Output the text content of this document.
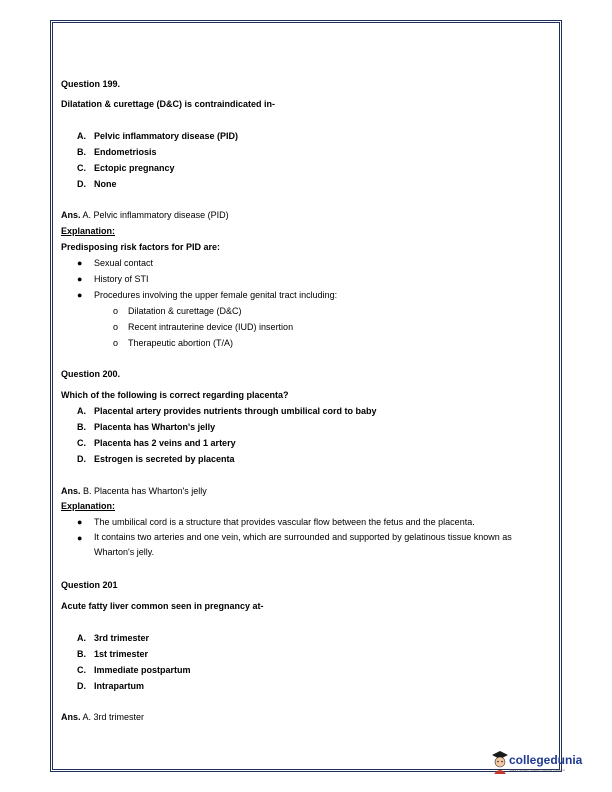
Question 199.
Dilatation & curettage (D&C) is contraindicated in-
A. Pelvic inflammatory disease (PID)
B. Endometriosis
C. Ectopic pregnancy
D. None
Ans. A. Pelvic inflammatory disease (PID)
Explanation:
Predisposing risk factors for PID are:
● Sexual contact
● History of STI
● Procedures involving the upper female genital tract including:
o Dilatation & curettage (D&C)
o Recent intrauterine device (IUD) insertion
o Therapeutic abortion (T/A)
Question 200.
Which of the following is correct regarding placenta?
A. Placental artery provides nutrients through umbilical cord to baby
B. Placenta has Wharton's jelly
C. Placenta has 2 veins and 1 artery
D. Estrogen is secreted by placenta
Ans. B. Placenta has Wharton's jelly
Explanation:
● The umbilical cord is a structure that provides vascular flow between the fetus and the placenta.
● It contains two arteries and one vein, which are surrounded and supported by gelatinous tissue known as Wharton's jelly.
Question 201
Acute fatty liver common seen in pregnancy at-
A. 3rd trimester
B. 1st trimester
C. Immediate postpartum
D. Intrapartum
Ans. A. 3rd trimester
collegedunia
India's largest Student Review Platform
